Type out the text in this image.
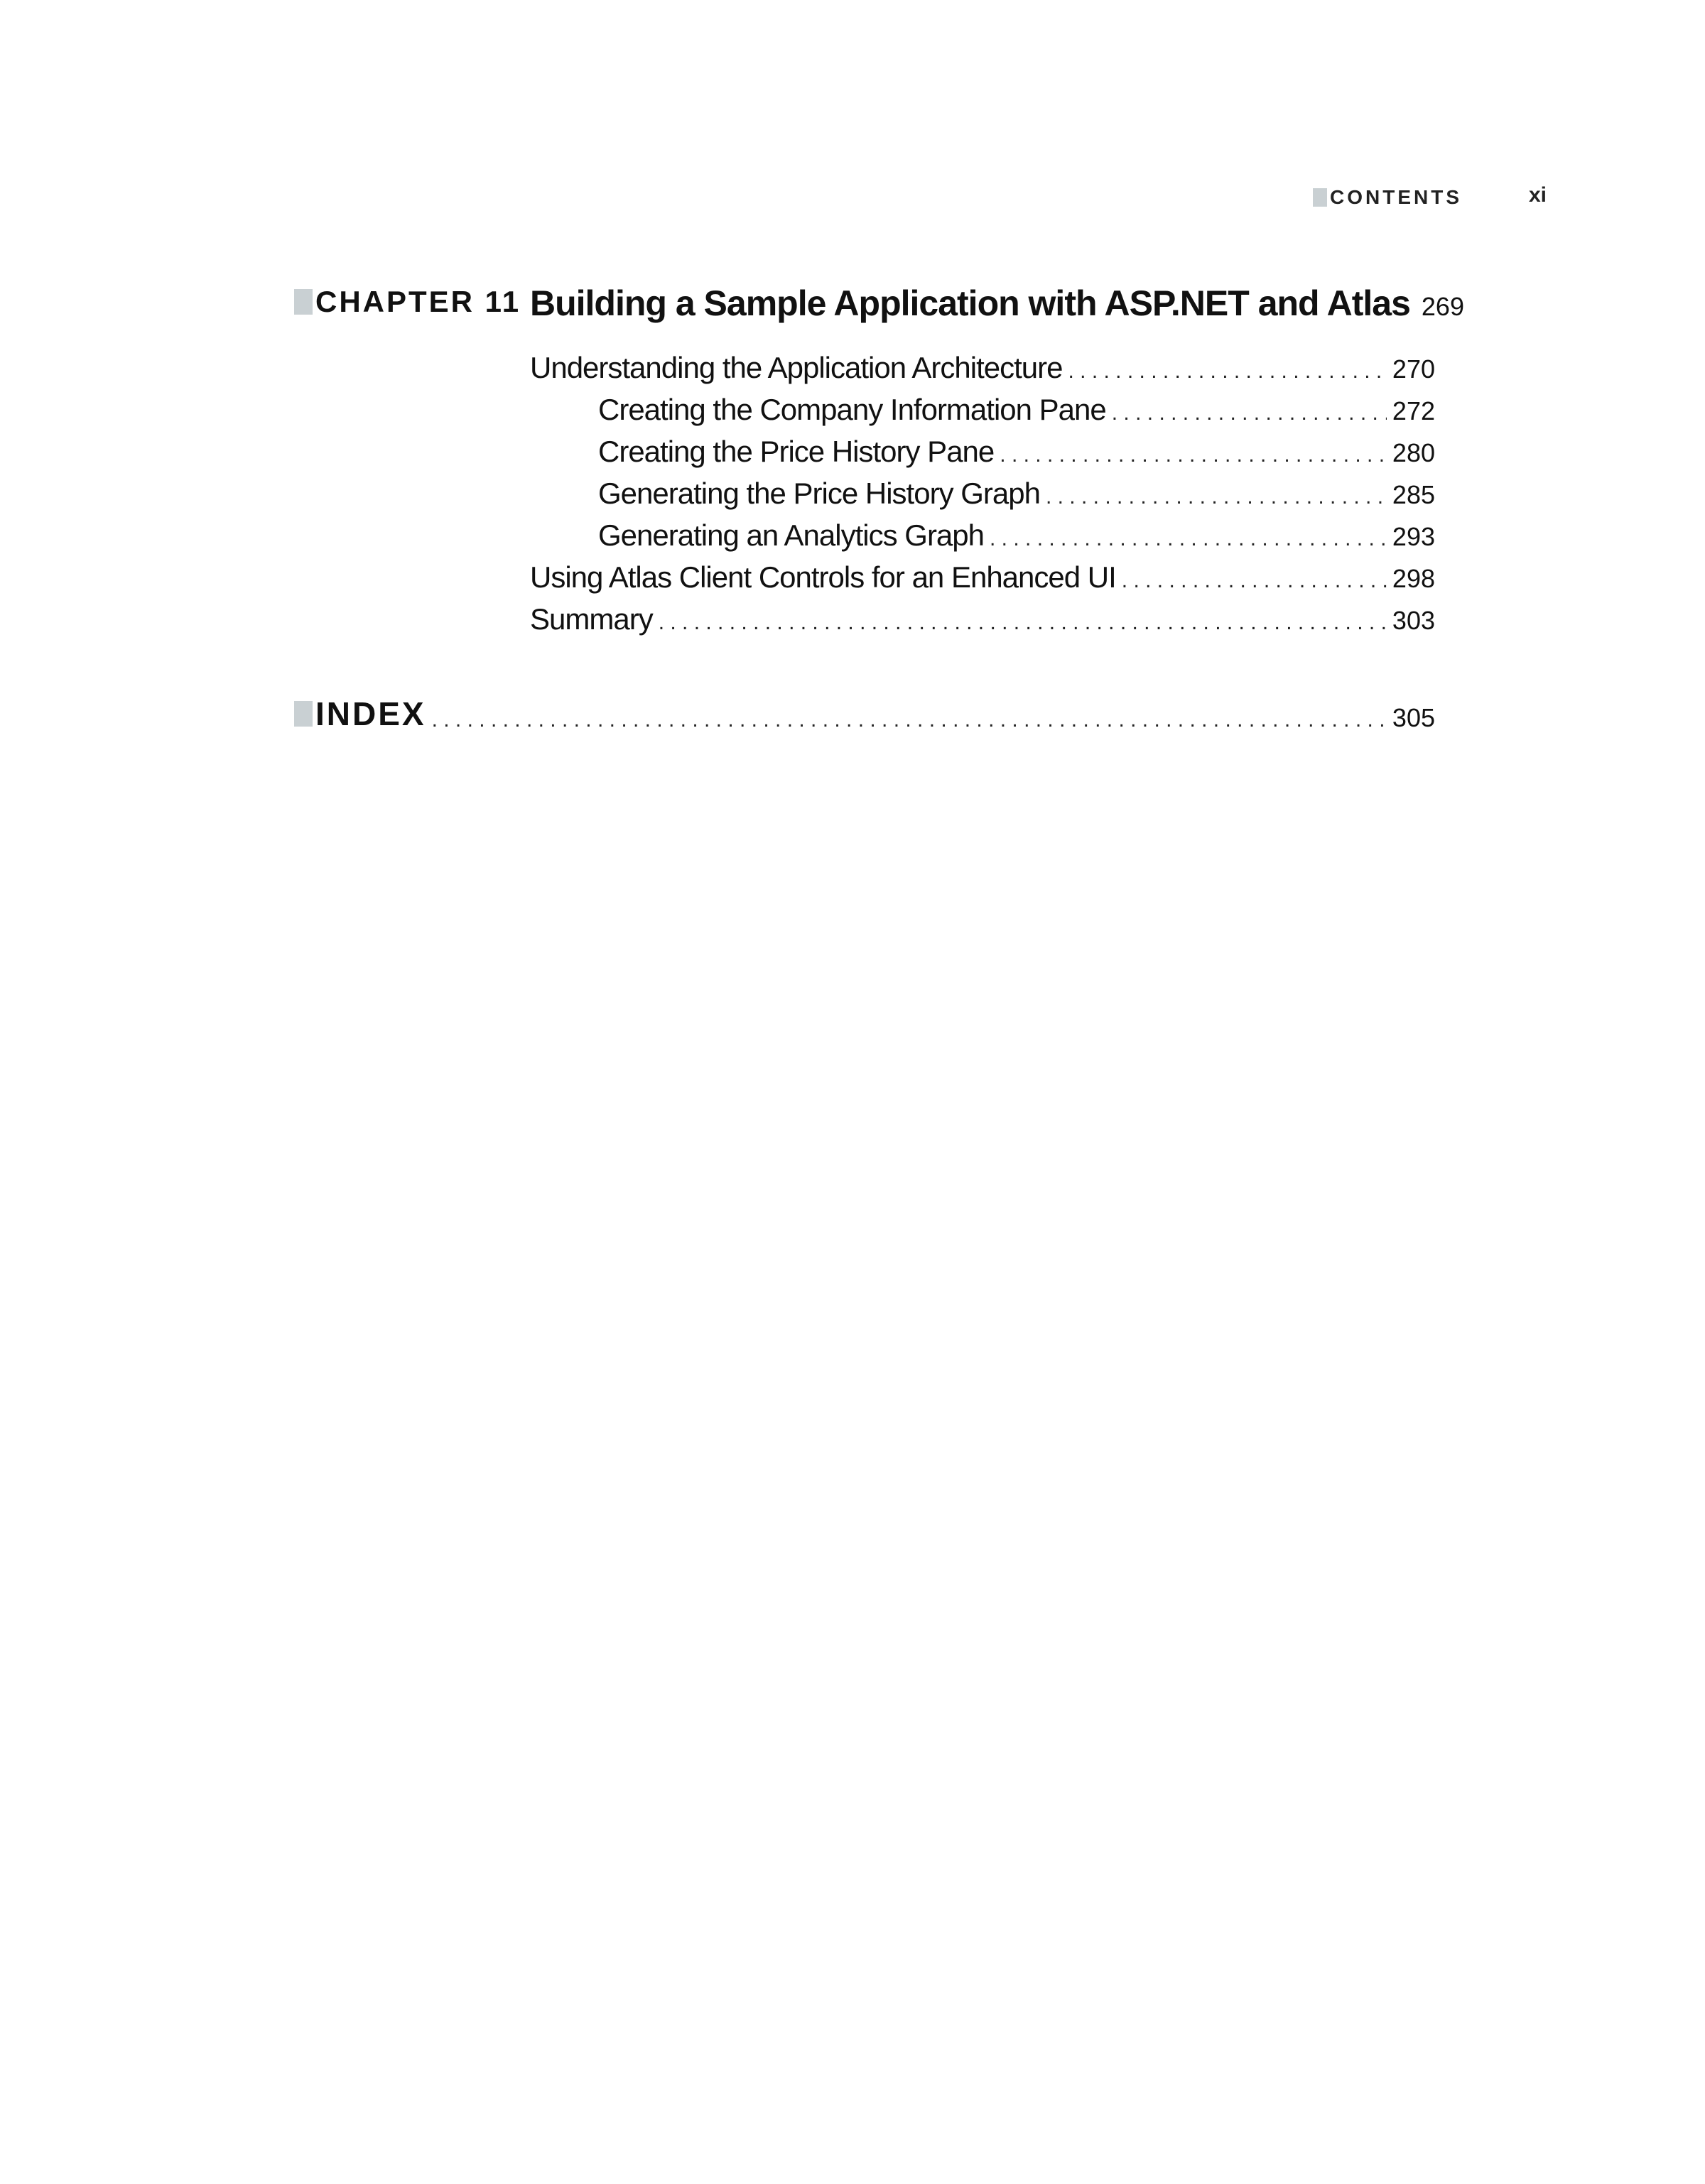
CONTENTS	xi
CHAPTER 11 Building a Sample Application with ASP.NET and Atlas 269
Understanding the Application Architecture . . .	270
Creating the Company Information Pane . . .	272
Creating the Price History Pane . . .	280
Generating the Price History Graph . . .	285
Generating an Analytics Graph . . .	293
Using Atlas Client Controls for an Enhanced UI . . .	298
Summary . . .	303
INDEX . . .	305
